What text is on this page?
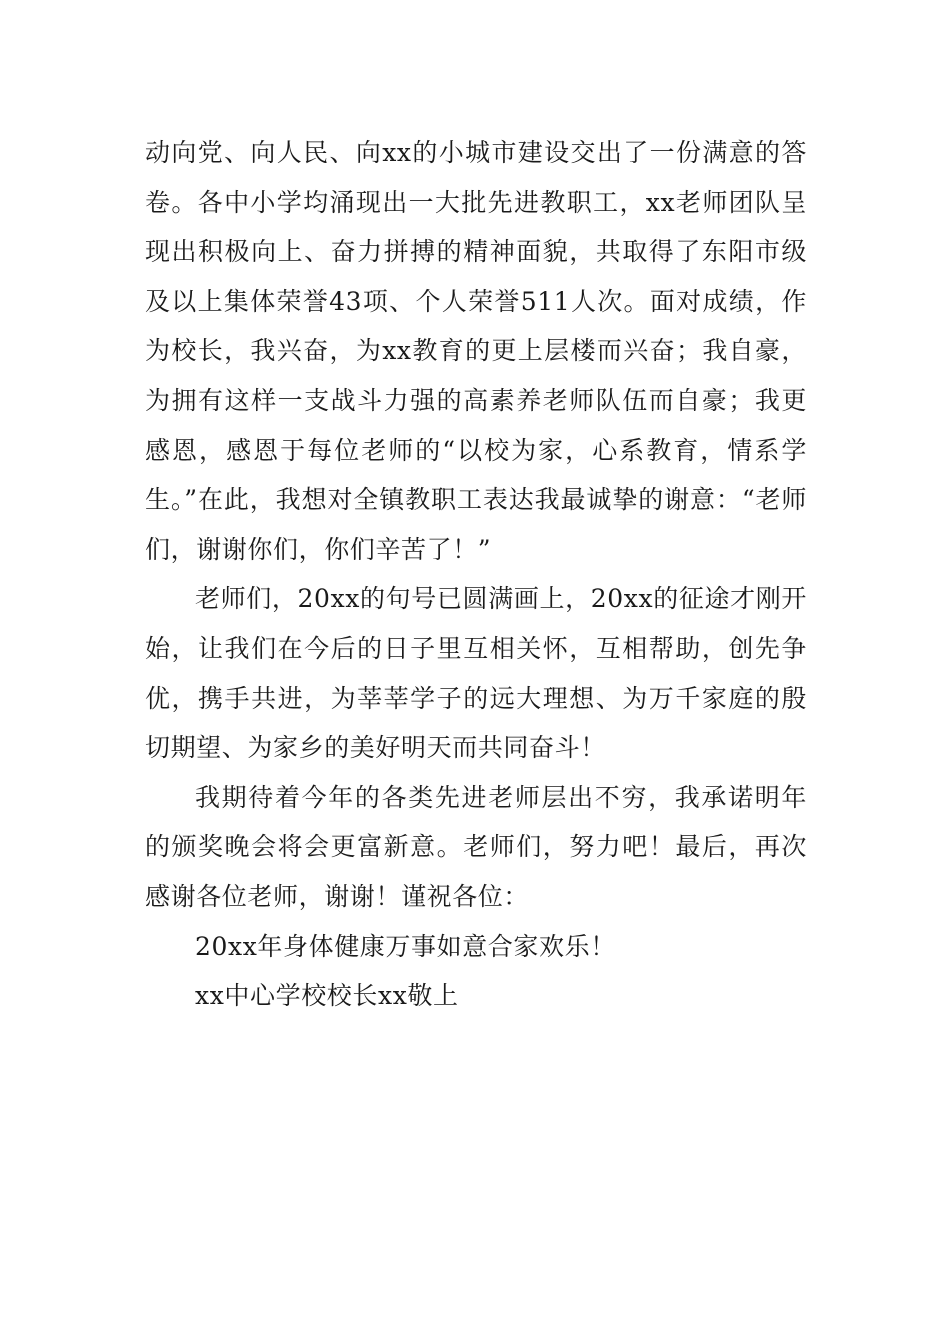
动向党、向人民、向xx的小城市建设交出了一份满意的答卷。各中小学均涌现出一大批先进教职工，xx老师团队呈现出积极向上、奋力拼搏的精神面貌，共取得了东阳市级及以上集体荣誉43项、个人荣誉511人次。面对成绩，作为校长，我兴奋，为xx教育的更上层楼而兴奋；我自豪，为拥有这样一支战斗力强的高素养老师队伍而自豪；我更感恩，感恩于每位老师的“以校为家，心系教育，情系学生。”在此，我想对全镇教职工表达我最诚挚的谢意：“老师们，谢谢你们，你们辛苦了！”

老师们，20xx的句号已圆满画上，20xx的征途才刚开始，让我们在今后的日子里互相关怀，互相帮助，创先争优，携手共进，为莘莘学子的远大理想、为万千家庭的殷切期望、为家乡的美好明天而共同奋斗！

我期待着今年的各类先进老师层出不穷，我承诺明年的颁奖晚会将会更富新意。老师们，努力吧！最后，再次感谢各位老师，谢谢！谨祝各位：

20xx年身体健康万事如意合家欢乐！

xx中心学校校长xx敬上
